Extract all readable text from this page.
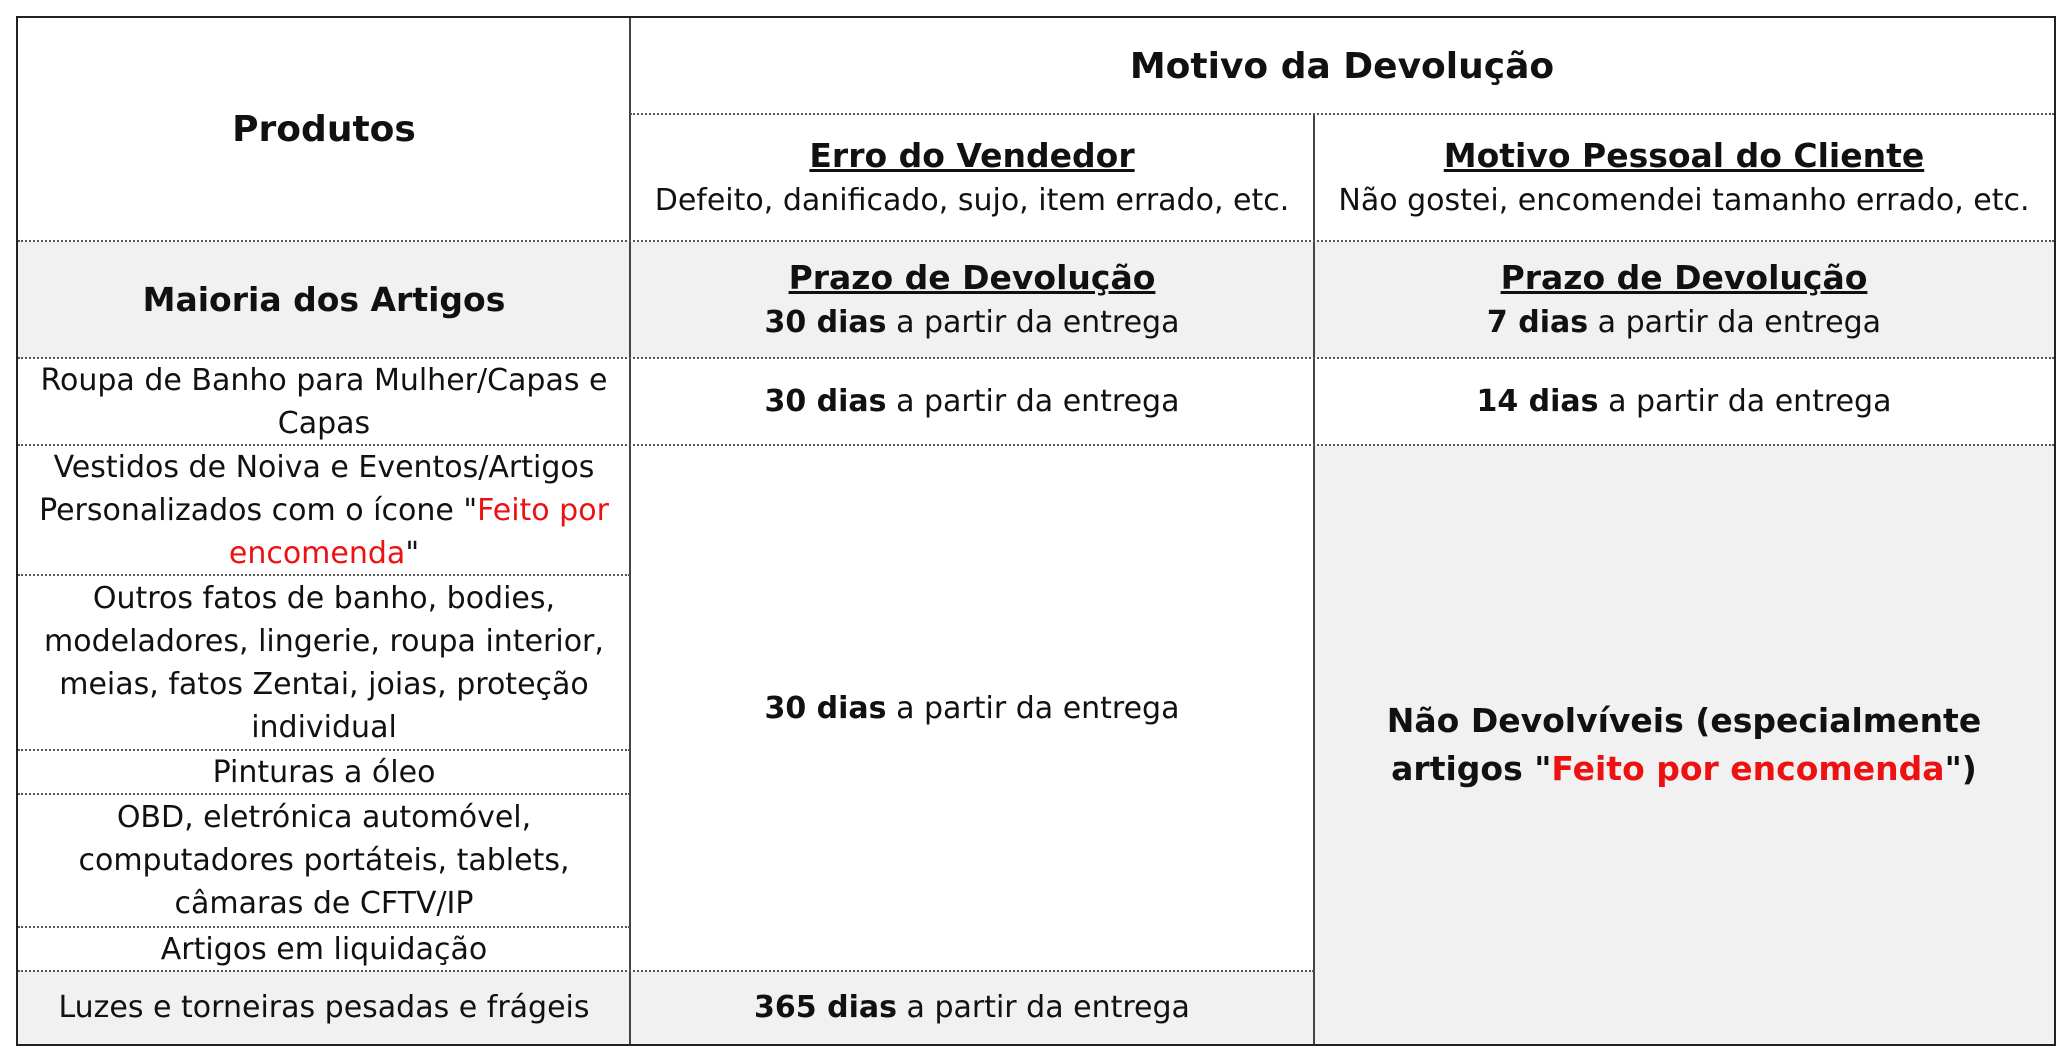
Produtos
Motivo da Devolução
Erro do Vendedor
Defeito, danificado, sujo, item errado, etc.
Motivo Pessoal do Cliente
Não gostei, encomendei tamanho errado, etc.
Maioria dos Artigos
Prazo de Devolução
30 dias a partir da entrega
Prazo de Devolução
7 dias a partir da entrega
Roupa de Banho para Mulher/Capas e Capas
30 dias a partir da entrega	14 dias a partir da entrega
Vestidos de Noiva e Eventos/Artigos Personalizados com o ícone "Feito por encomenda"
Outros fatos de banho, bodies, modeladores, lingerie, roupa interior, meias, fatos Zentai, joias, proteção individual
Pinturas a óleo
OBD, eletrónica automóvel, computadores portáteis, tablets, câmaras de CFTV/IP
Artigos em liquidação
Luzes e torneiras pesadas e frágeis
30 dias a partir da entrega
365 dias a partir da entrega
Não Devolvíveis (especialmente artigos "Feito por encomenda")
